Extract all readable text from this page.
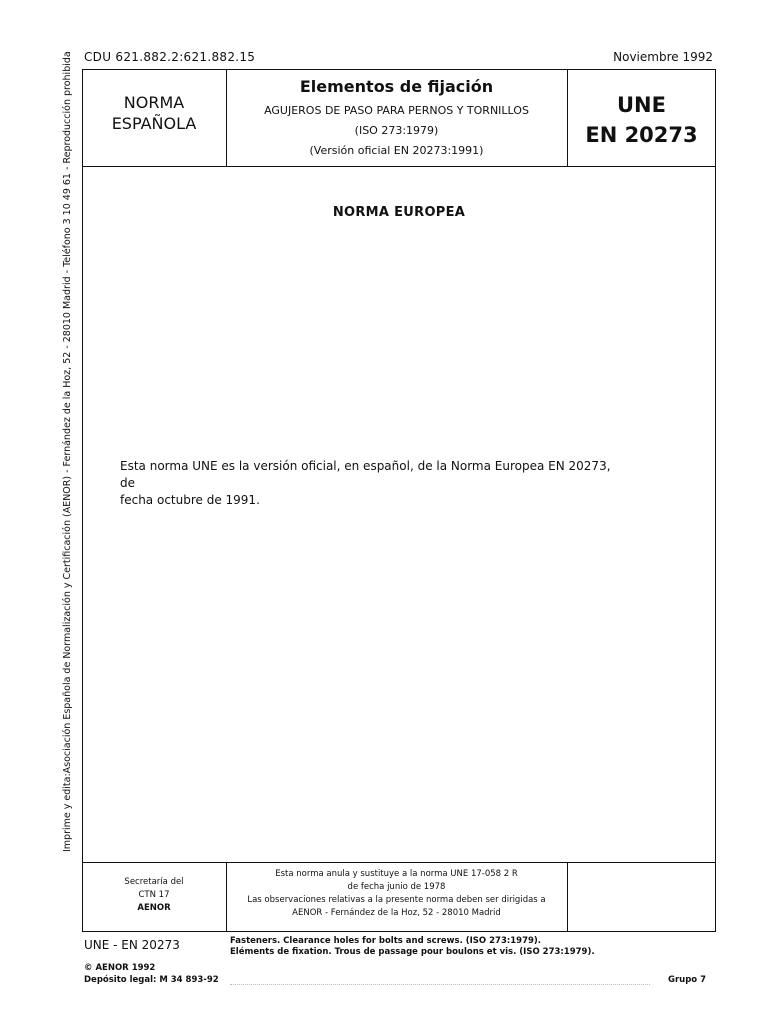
CDU 621.882.2:621.882.15	Noviembre 1992
Imprime y edita:Asociación Española de Normalización y Certificación (AENOR) - Fernández de la Hoz, 52 - 28010 Madrid - Teléfono 3 10 49 61 - Reproducción prohibida	NORMA
ESPAÑOLA
Elementos de fijación
AGUJEROS DE PASO PARA PERNOS Y TORNILLOS
(ISO 273:1979)
(Versión oficial EN 20273:1991)
UNE
EN 20273
NORMA EUROPEA
Esta norma UNE es la versión oficial, en español, de la Norma Europea EN 20273, de
fecha octubre de 1991.
Secretaría del
CTN 17
AENOR
Esta norma anula y sustituye a la norma UNE 17-058 2 R
de fecha junio de 1978
Las observaciones relativas a la presente norma deben ser dirigidas a
AENOR - Fernández de la Hoz, 52 - 28010 Madrid
UNE - EN 20273	Fasteners. Clearance holes for bolts and screws. (ISO 273:1979).
Eléments de fixation. Trous de passage pour boulons et vis. (ISO 273:1979).
© AENOR 1992
Depósito legal: M 34 893-92	Grupo 7
